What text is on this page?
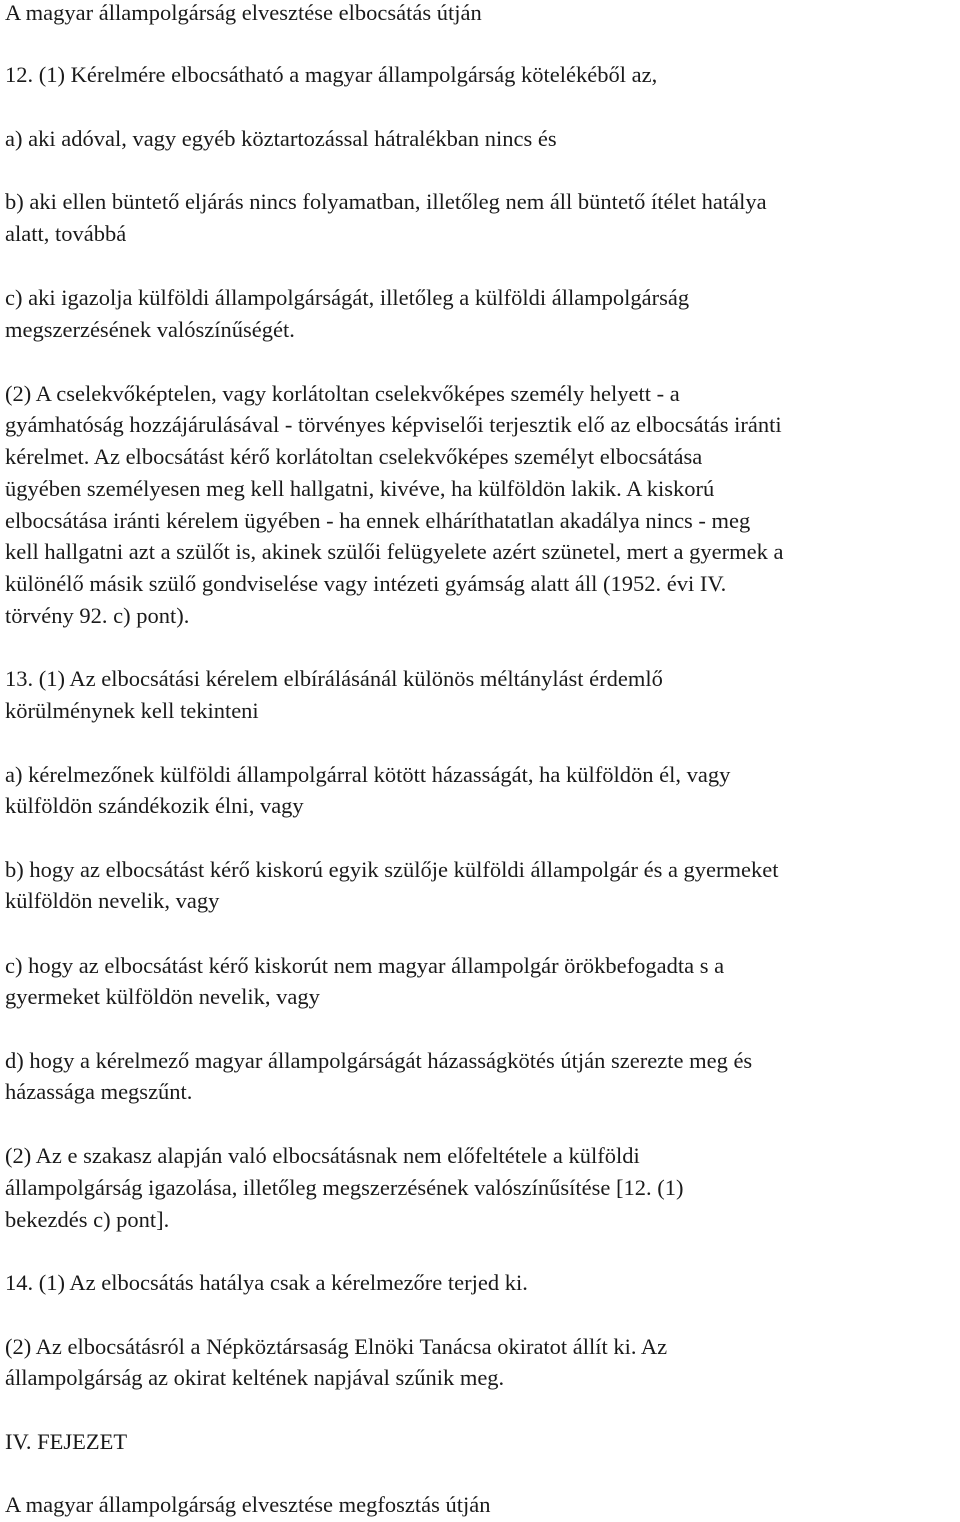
A magyar állampolgárság elvesztése elbocsátás útján
12. (1) Kérelmére elbocsátható a magyar állampolgárság kötelékéből az,
a) aki adóval, vagy egyéb köztartozással hátralékban nincs és
b) aki ellen büntető eljárás nincs folyamatban, illetőleg nem áll büntető ítélet hatálya
alatt, továbbá
c) aki igazolja külföldi állampolgárságát, illetőleg a külföldi állampolgárság
megszerzésének valószínűségét.
(2) A cselekvőképtelen, vagy korlátoltan cselekvőképes személy helyett - a
gyámhatóság hozzájárulásával - törvényes képviselői terjesztik elő az elbocsátás iránti
kérelmet. Az elbocsátást kérő korlátoltan cselekvőképes személyt elbocsátása
ügyében személyesen meg kell hallgatni, kivéve, ha külföldön lakik. A kiskorú
elbocsátása iránti kérelem ügyében - ha ennek elháríthatatlan akadálya nincs - meg
kell hallgatni azt a szülőt is, akinek szülői felügyelete azért szünetel, mert a gyermek a
különélő másik szülő gondviselése vagy intézeti gyámság alatt áll (1952. évi IV.
törvény 92. c) pont).
13. (1) Az elbocsátási kérelem elbírálásánál különös méltánylást érdemlő
körülménynek kell tekinteni
a) kérelmezőnek külföldi állampolgárral kötött házasságát, ha külföldön él, vagy
külföldön szándékozik élni, vagy
b) hogy az elbocsátást kérő kiskorú egyik szülője külföldi állampolgár és a gyermeket
külföldön nevelik, vagy
c) hogy az elbocsátást kérő kiskorút nem magyar állampolgár örökbefogadta s a
gyermeket külföldön nevelik, vagy
d) hogy a kérelmező magyar állampolgárságát házasságkötés útján szerezte meg és
házassága megszűnt.
(2) Az e szakasz alapján való elbocsátásnak nem előfeltétele a külföldi
állampolgárság igazolása, illetőleg megszerzésének valószínűsítése [12. (1)
bekezdés c) pont].
14. (1) Az elbocsátás hatálya csak a kérelmezőre terjed ki.
(2) Az elbocsátásról a Népköztársaság Elnöki Tanácsa okiratot állít ki. Az
állampolgárság az okirat keltének napjával szűnik meg.
IV. FEJEZET
A magyar állampolgárság elvesztése megfosztás útján
